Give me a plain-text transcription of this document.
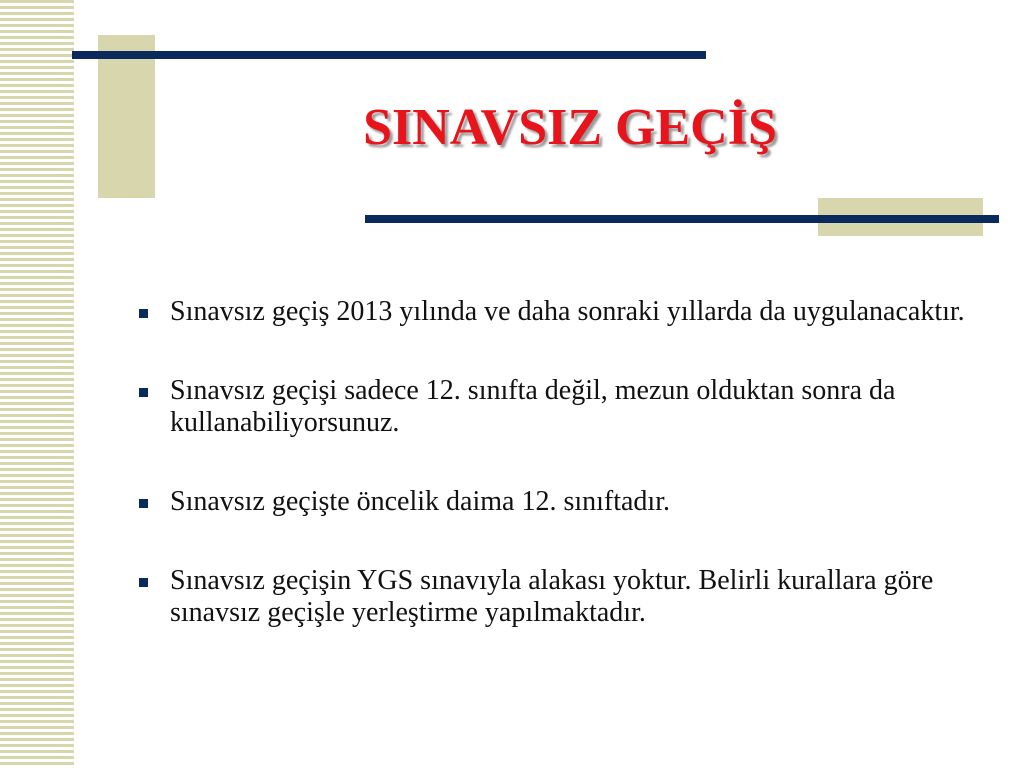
SINAVSIZ GEÇİŞ
Sınavsız geçiş 2013 yılında ve daha sonraki yıllarda da uygulanacaktır.
Sınavsız geçişi sadece 12. sınıfta değil, mezun olduktan sonra da kullanabiliyorsunuz.
Sınavsız geçişte öncelik daima 12. sınıftadır.
Sınavsız geçişin YGS sınavıyla alakası yoktur. Belirli kurallara göre sınavsız geçişle yerleştirme yapılmaktadır.
